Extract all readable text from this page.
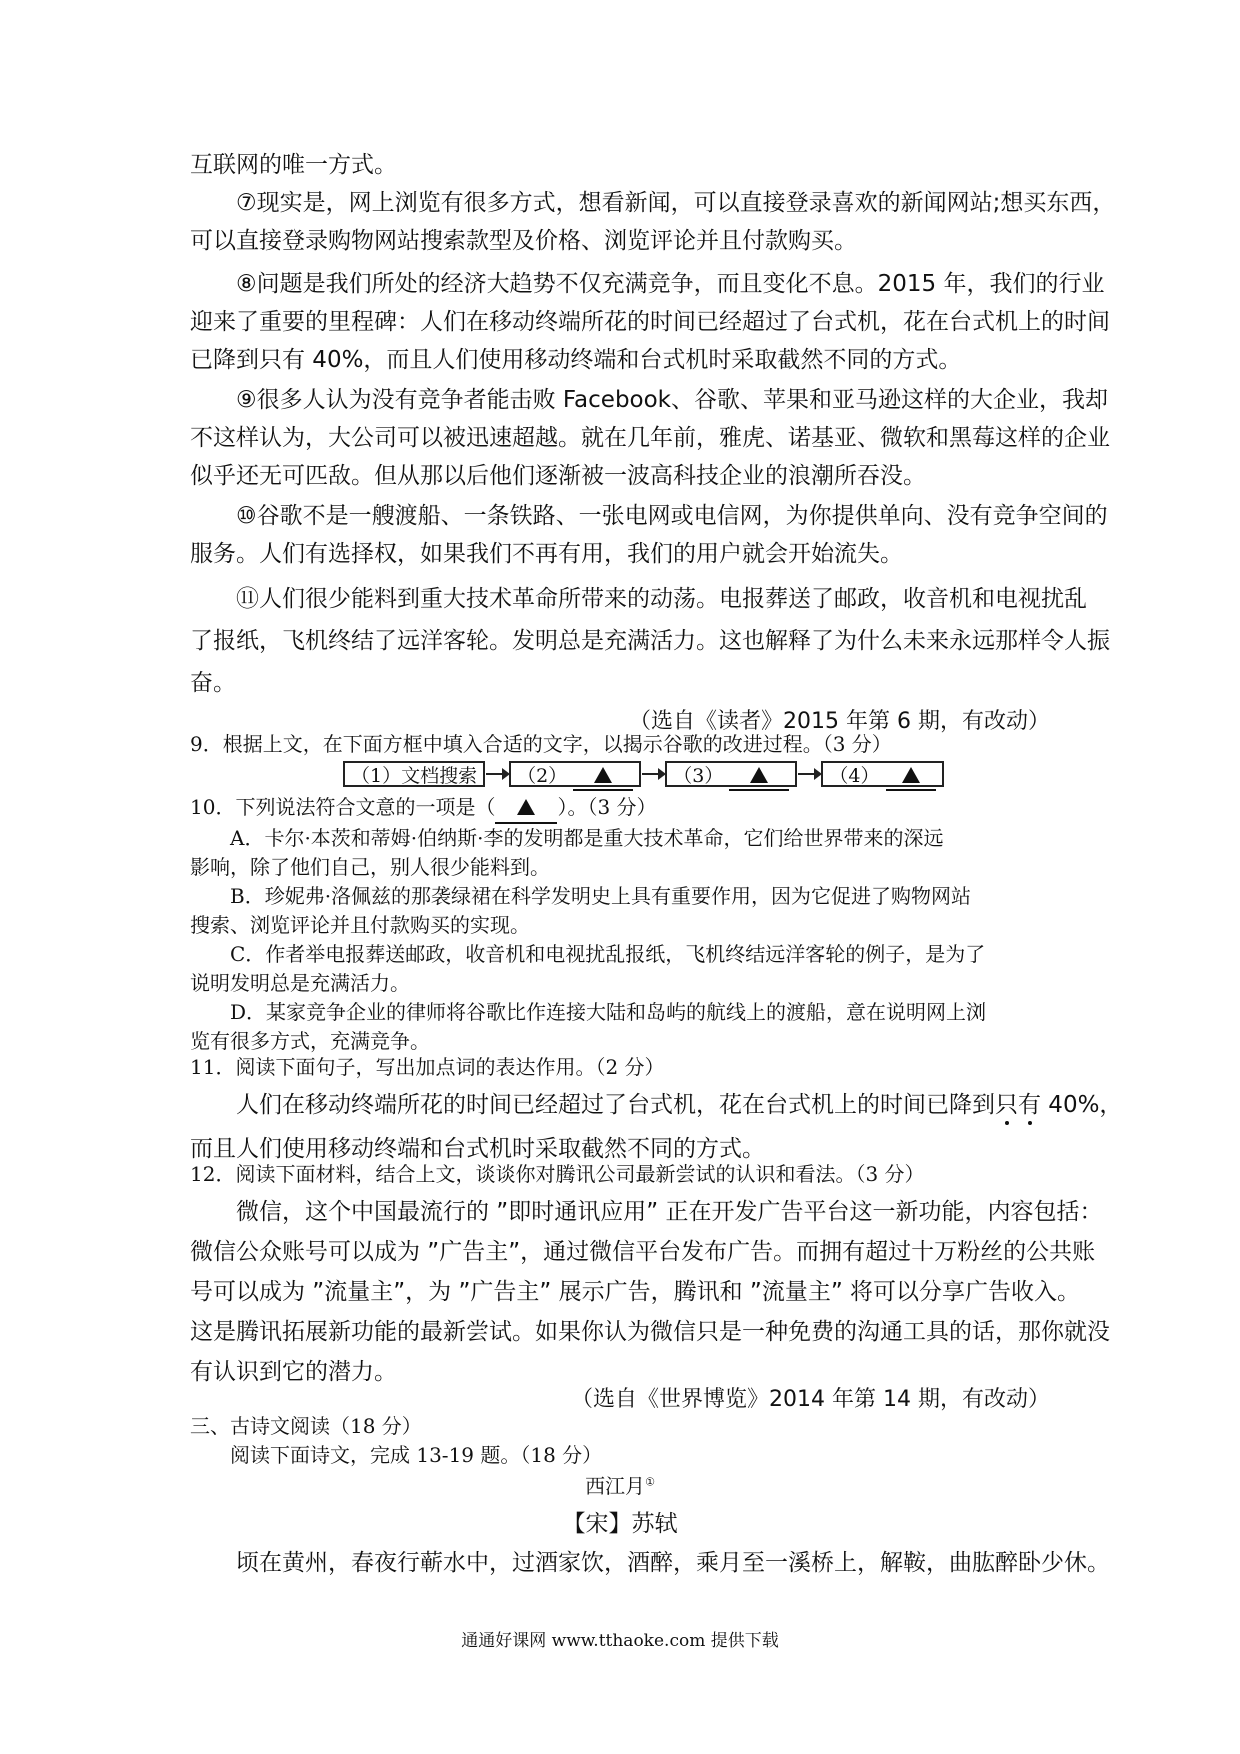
互联网的唯一方式。
⑦现实是，网上浏览有很多方式，想看新闻，可以直接登录喜欢的新闻网站;想买东西，
可以直接登录购物网站搜索款型及价格、浏览评论并且付款购买。
⑧问题是我们所处的经济大趋势不仅充满竞争，而且变化不息。2015 年，我们的行业
迎来了重要的里程碑：人们在移动终端所花的时间已经超过了台式机，花在台式机上的时间
已降到只有 40%，而且人们使用移动终端和台式机时采取截然不同的方式。
⑨很多人认为没有竞争者能击败 Facebook、谷歌、苹果和亚马逊这样的大企业，我却
不这样认为，大公司可以被迅速超越。就在几年前，雅虎、诺基亚、微软和黑莓这样的企业
似乎还无可匹敌。但从那以后他们逐渐被一波高科技企业的浪潮所吞没。
⑩谷歌不是一艘渡船、一条铁路、一张电网或电信网，为你提供单向、没有竞争空间的
服务。人们有选择权，如果我们不再有用，我们的用户就会开始流失。
⑪人们很少能料到重大技术革命所带来的动荡。电报葬送了邮政，收音机和电视扰乱
了报纸，飞机终结了远洋客轮。发明总是充满活力。这也解释了为什么未来永远那样令人振
奋。
（选自《读者》2015 年第 6 期，有改动）
9．根据上文，在下面方框中填入合适的文字，以揭示谷歌的改进过程。（3 分）
（1）文档搜索	（2）	（3）	（4）
10．下列说法符合文意的一项是（	）。（3 分）
A．卡尔·本茨和蒂姆·伯纳斯·李的发明都是重大技术革命，它们给世界带来的深远
影响，除了他们自己，别人很少能料到。
B．珍妮弗·洛佩兹的那袭绿裙在科学发明史上具有重要作用，因为它促进了购物网站
搜索、浏览评论并且付款购买的实现。
C．作者举电报葬送邮政，收音机和电视扰乱报纸，飞机终结远洋客轮的例子，是为了
说明发明总是充满活力。
D．某家竞争企业的律师将谷歌比作连接大陆和岛屿的航线上的渡船，意在说明网上浏
览有很多方式，充满竞争。
11．阅读下面句子，写出加点词的表达作用。（2 分）
人们在移动终端所花的时间已经超过了台式机，花在台式机上的时间已降到只有 40%，
而且人们使用移动终端和台式机时采取截然不同的方式。
12．阅读下面材料，结合上文，谈谈你对腾讯公司最新尝试的认识和看法。（3 分）
微信，这个中国最流行的 ”即时通讯应用” 正在开发广告平台这一新功能，内容包括：
微信公众账号可以成为 ”广告主”，通过微信平台发布广告。而拥有超过十万粉丝的公共账
号可以成为 ”流量主”，为 ”广告主” 展示广告，腾讯和 ”流量主” 将可以分享广告收入。
这是腾讯拓展新功能的最新尝试。如果你认为微信只是一种免费的沟通工具的话，那你就没
有认识到它的潜力。
（选自《世界博览》2014 年第 14 期，有改动）
三、古诗文阅读（18 分）
阅读下面诗文，完成 13-19 题。（18 分）
西江月①
【宋】苏轼
顷在黄州，春夜行蕲水中，过酒家饮，酒醉，乘月至一溪桥上，解鞍，曲肱醉卧少休。
通通好课网 www.tthaoke.com 提供下载
